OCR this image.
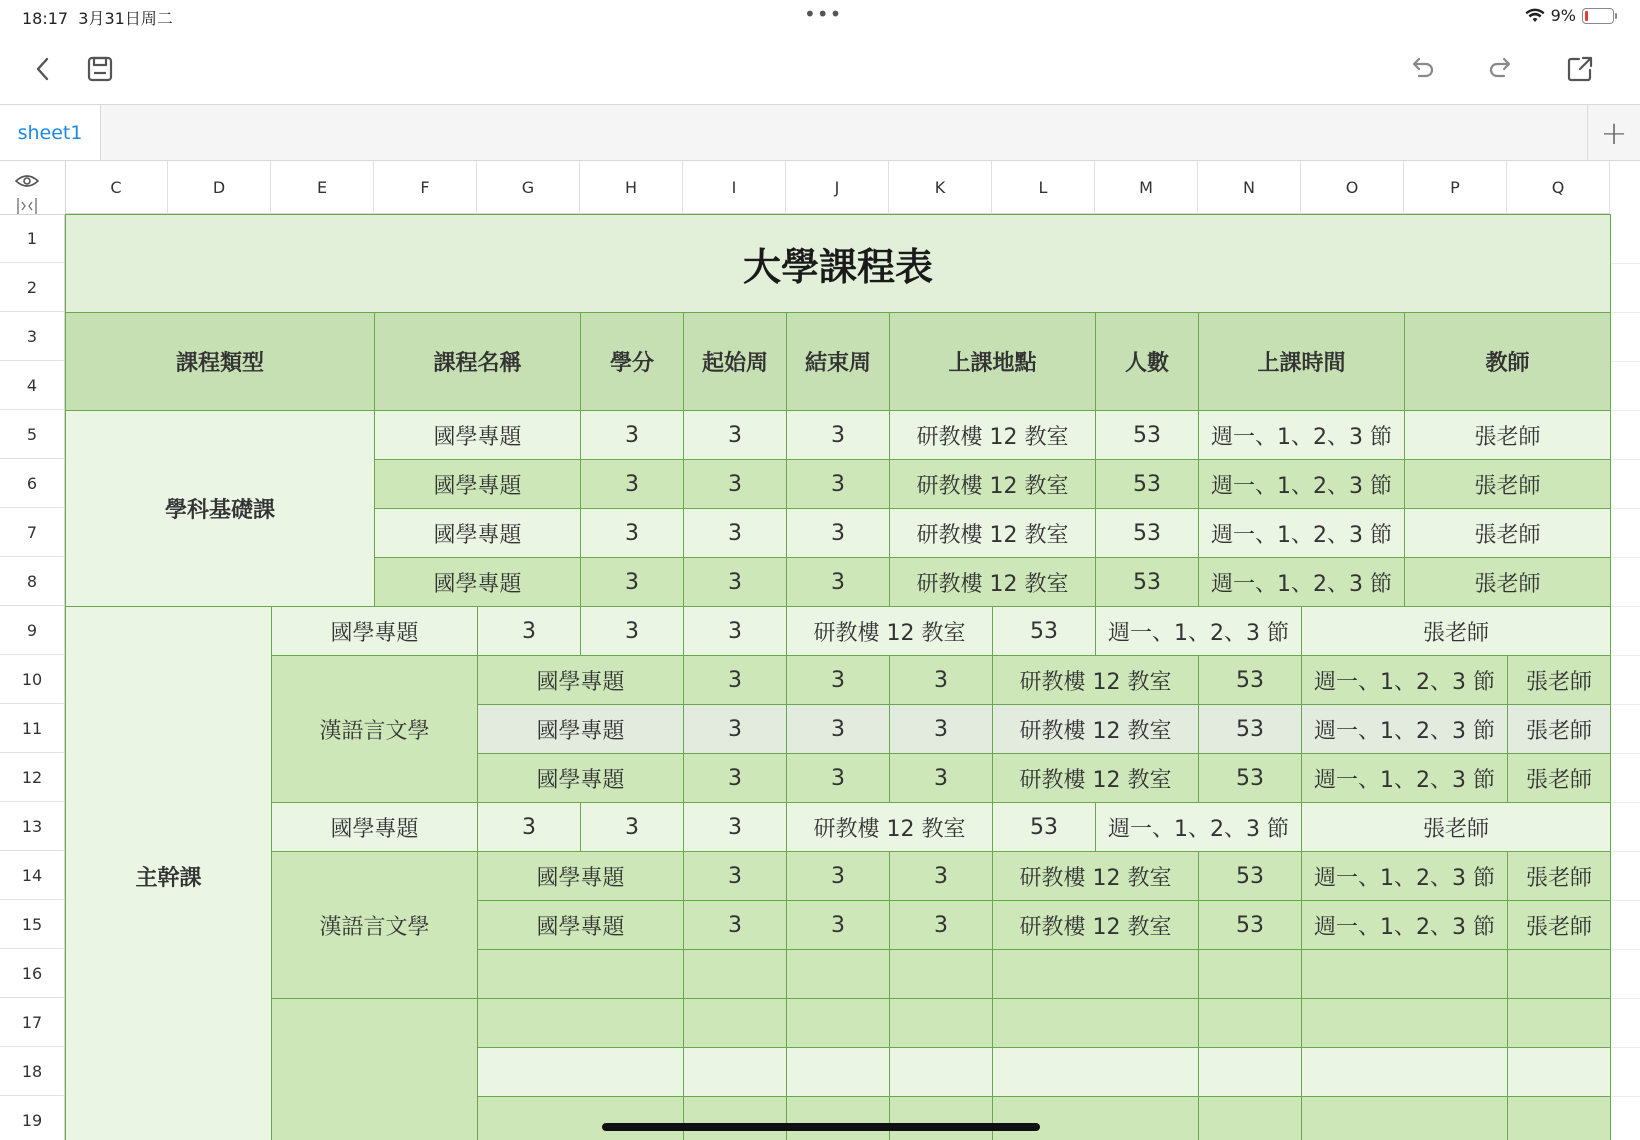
18:17 3月31日周二	•••	9%
sheet1	+
C	D	E	F	G	H	I	J	K	L	M	N	O	P	Q
1
2
3
4
5
6
7
8
9
10
11
12
13
14
15
16
17
18
19
大學課程表
課程類型	課程名稱	學分	起始周	結束周	上課地點	人數	上課時間	教師
學科基礎課
國學專題	3	3	3	研教樓 12 教室	53	週一、1、2、3 節	張老師
國學專題	3	3	3	研教樓 12 教室	53	週一、1、2、3 節	張老師
國學專題	3	3	3	研教樓 12 教室	53	週一、1、2、3 節	張老師
國學專題	3	3	3	研教樓 12 教室	53	週一、1、2、3 節	張老師
主幹課
國學專題	3	3	3	研教樓 12 教室	53	週一、1、2、3 節	張老師
國學專題	3	3	3	研教樓 12 教室	53	週一、1、2、3 節	張老師
漢語言文學
漢語言文學
國學專題	3	3	3	研教樓 12 教室	53	週一、1、2、3 節	張老師
國學專題	3	3	3	研教樓 12 教室	53	週一、1、2、3 節	張老師
國學專題	3	3	3	研教樓 12 教室	53	週一、1、2、3 節	張老師
國學專題	3	3	3	研教樓 12 教室	53	週一、1、2、3 節	張老師
國學專題	3	3	3	研教樓 12 教室	53	週一、1、2、3 節	張老師
